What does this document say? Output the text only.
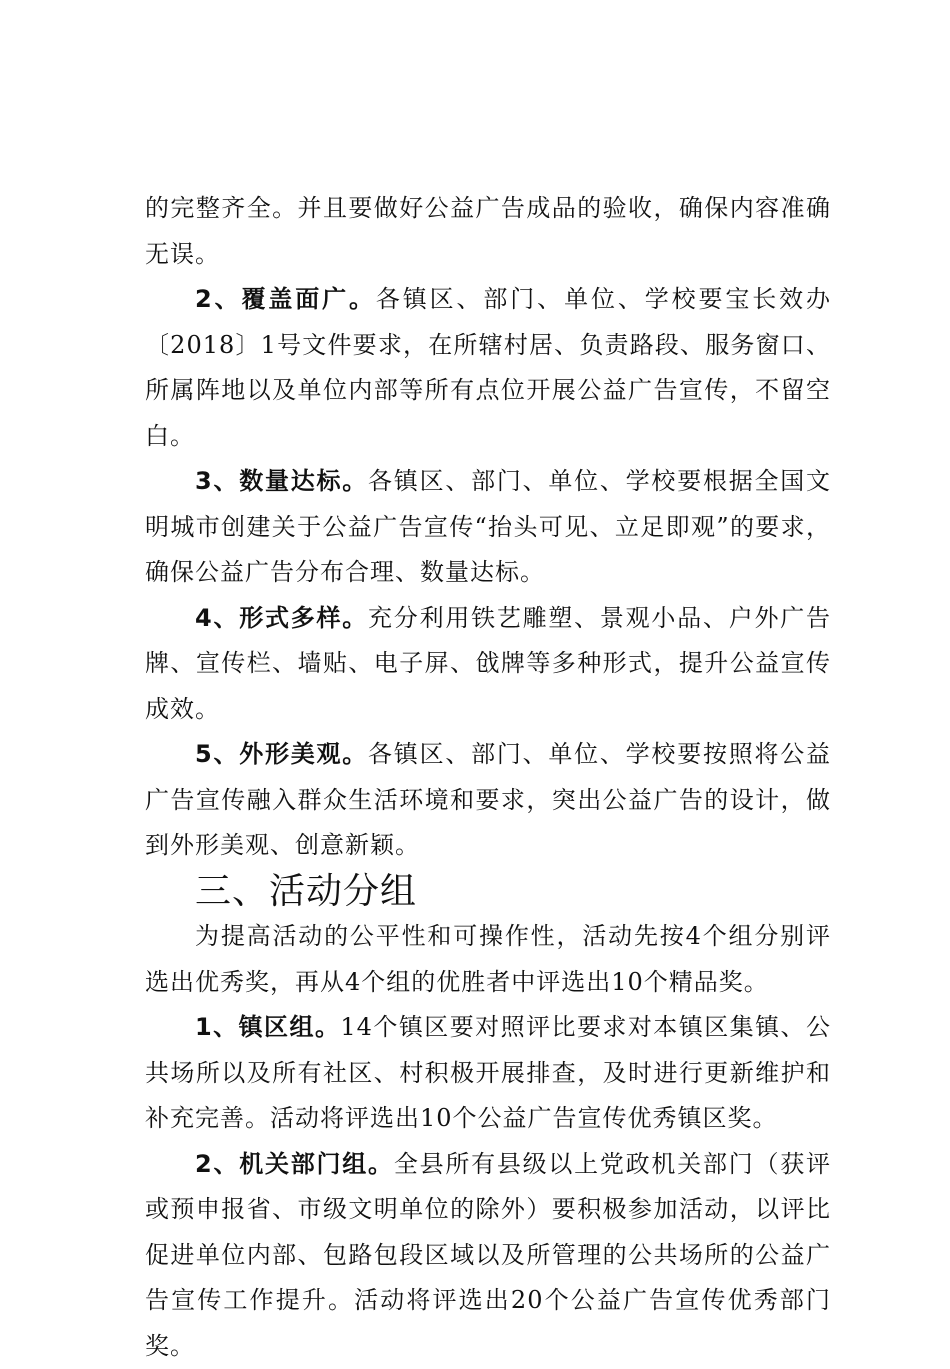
的完整齐全。并且要做好公益广告成品的验收，确保内容准确无误。

2、覆盖面广。各镇区、部门、单位、学校要宝长效办〔2018〕1号文件要求，在所辖村居、负责路段、服务窗口、所属阵地以及单位内部等所有点位开展公益广告宣传，不留空白。

3、数量达标。各镇区、部门、单位、学校要根据全国文明城市创建关于公益广告宣传“抬头可见、立足即观”的要求，确保公益广告分布合理、数量达标。

4、形式多样。充分利用铁艺雕塑、景观小品、户外广告牌、宣传栏、墙贴、电子屏、戗牌等多种形式，提升公益宣传成效。

5、外形美观。各镇区、部门、单位、学校要按照将公益广告宣传融入群众生活环境和要求，突出公益广告的设计，做到外形美观、创意新颖。

三、活动分组

为提高活动的公平性和可操作性，活动先按4个组分别评选出优秀奖，再从4个组的优胜者中评选出10个精品奖。

1、镇区组。14个镇区要对照评比要求对本镇区集镇、公共场所以及所有社区、村积极开展排查，及时进行更新维护和补充完善。活动将评选出10个公益广告宣传优秀镇区奖。

2、机关部门组。全县所有县级以上党政机关部门（获评或预申报省、市级文明单位的除外）要积极参加活动，以评比促进单位内部、包路包段区域以及所管理的公共场所的公益广告宣传工作提升。活动将评选出20个公益广告宣传优秀部门奖。
